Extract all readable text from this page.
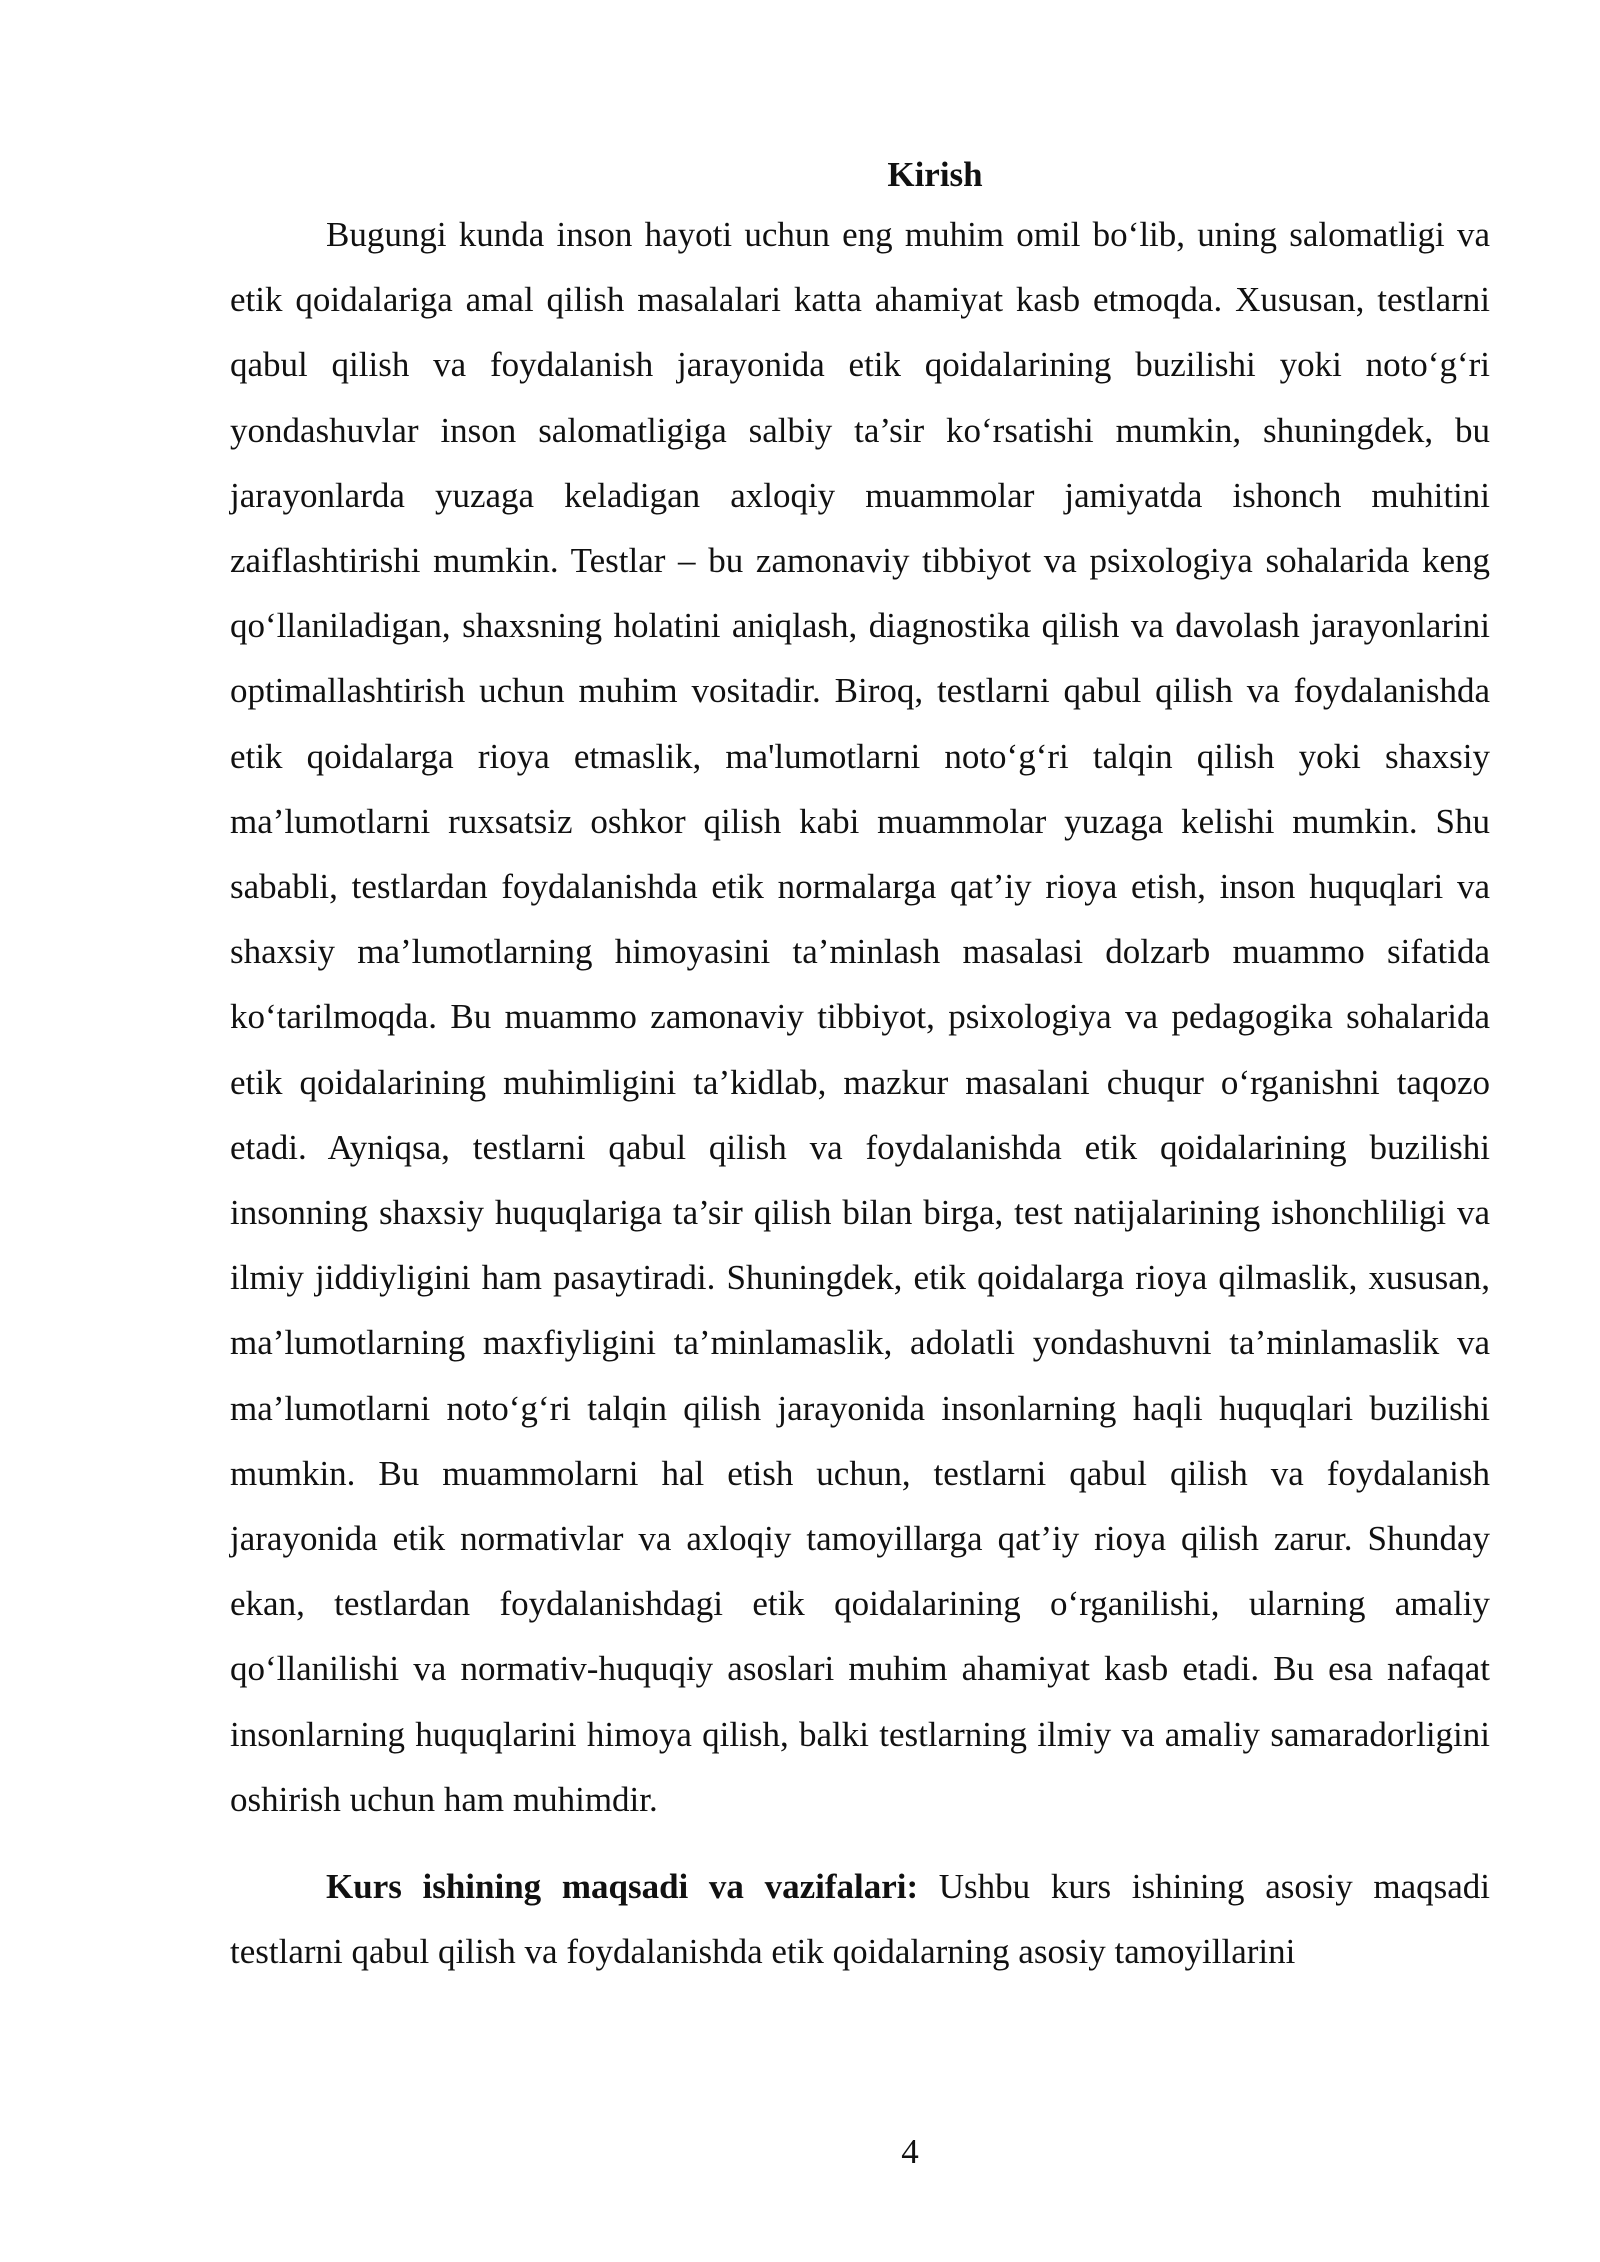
Kirish

Bugungi kunda inson hayoti uchun eng muhim omil bo‘lib, uning salomatligi va etik qoidalariga amal qilish masalalari katta ahamiyat kasb etmoqda. Xususan, testlarni qabul qilish va foydalanish jarayonida etik qoidalarining buzilishi yoki noto‘g‘ri yondashuvlar inson salomatligiga salbiy ta’sir ko‘rsatishi mumkin, shuningdek, bu jarayonlarda yuzaga keladigan axloqiy muammolar jamiyatda ishonch muhitini zaiflashtirishi mumkin. Testlar – bu zamonaviy tibbiyot va psixologiya sohalarida keng qo‘llaniladigan, shaxsning holatini aniqlash, diagnostika qilish va davolash jarayonlarini optimallashtirish uchun muhim vositadir. Biroq, testlarni qabul qilish va foydalanishda etik qoidalarga rioya etmaslik, ma'lumotlarni noto‘g‘ri talqin qilish yoki shaxsiy ma’lumotlarni ruxsatsiz oshkor qilish kabi muammolar yuzaga kelishi mumkin. Shu sababli, testlardan foydalanishda etik normalarga qat’iy rioya etish, inson huquqlari va shaxsiy ma’lumotlarning himoyasini ta’minlash masalasi dolzarb muammo sifatida ko‘tarilmoqda. Bu muammo zamonaviy tibbiyot, psixologiya va pedagogika sohalarida etik qoidalarining muhimligini ta’kidlab, mazkur masalani chuqur o‘rganishni taqozo etadi. Ayniqsa, testlarni qabul qilish va foydalanishda etik qoidalarining buzilishi insonning shaxsiy huquqlariga ta’sir qilish bilan birga, test natijalarining ishonchliligi va ilmiy jiddiyligini ham pasaytiradi. Shuningdek, etik qoidalarga rioya qilmaslik, xususan, ma’lumotlarning maxfiyligini ta’minlamaslik, adolatli yondashuvni ta’minlamaslik va ma’lumotlarni noto‘g‘ri talqin qilish jarayonida insonlarning haqli huquqlari buzilishi mumkin. Bu muammolarni hal etish uchun, testlarni qabul qilish va foydalanish jarayonida etik normativlar va axloqiy tamoyillarga qat’iy rioya qilish zarur. Shunday ekan, testlardan foydalanishdagi etik qoidalarining o‘rganilishi, ularning amaliy qo‘llanilishi va normativ-huquqiy asoslari muhim ahamiyat kasb etadi. Bu esa nafaqat insonlarning huquqlarini himoya qilish, balki testlarning ilmiy va amaliy samaradorligini oshirish uchun ham muhimdir.

Kurs ishining maqsadi va vazifalari: Ushbu kurs ishining asosiy maqsadi testlarni qabul qilish va foydalanishda etik qoidalarning asosiy tamoyillarini

4
